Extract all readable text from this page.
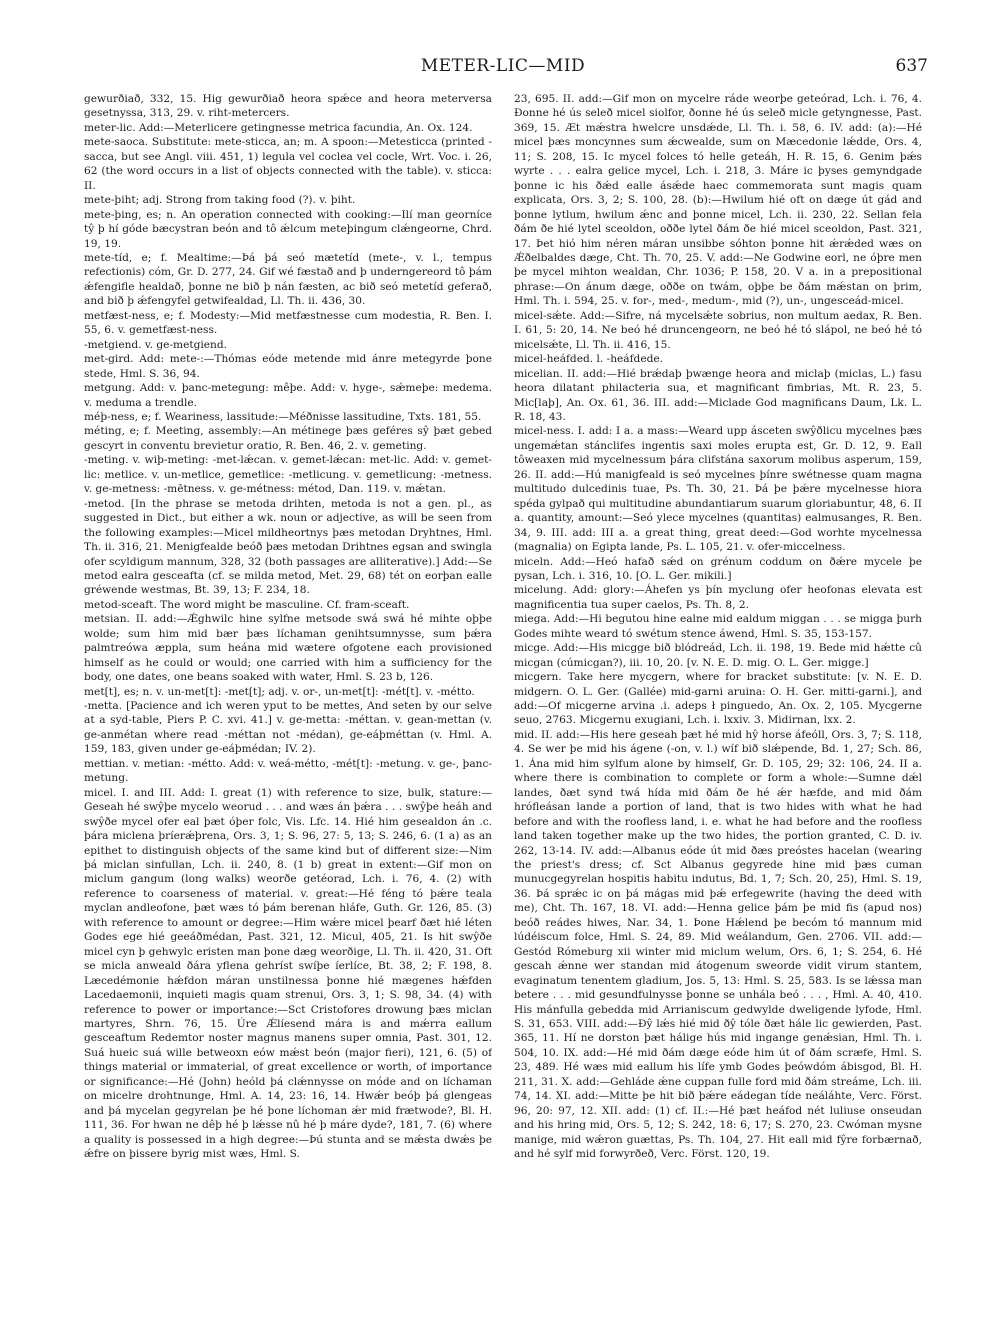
METER-LIC—MID	637

gewurðiað, 332, 15. Hig gewurðiað heora spǽce and heora meterversa gesetnyssa, 313, 29. v. riht-metercers.

meter-lic. Add:—Meterlicere getingnesse metrica facundia, An. Ox. 124.

mete-saoca. Substitute: mete-sticca, an; m. A spoon:—Metesticca (printed -sacca, but see Angl. viii. 451, 1) legula vel coclea vel cocle, Wrt. Voc. i. 26, 62 (the word occurs in a list of objects connected with the table). v. sticca: II.

mete-þiht; adj. Strong from taking food (?). v. þiht.

mete-þing, es; n. An operation connected with cooking:—Ilí man georníce tŷ þ hí góde bæcystran beón and tô ǽlcum meteþingum clǽngeorne, Chrd. 19, 19.

mete-tíd, e; f. Mealtime:—Þá þá seó mætetíd (mete-, v. l., tempus refectionis) cóm, Gr. D. 277, 24. Gif wé fæstað and þ underngereord tô þám ǽfengifle healdað, þonne ne bið þ nán fæsten, ac bið seó metetíd geferað, and bið þ ǽfengyfel getwifealdad, Ll. Th. ii. 436, 30.

metfæst-ness, e; f. Modesty:—Mid metfæstnesse cum modestia, R. Ben. I. 55, 6. v. gemetfæst-ness.

-metgiend. v. ge-metgiend.

met-gird. Add: mete-:—Thómas eóde metende mid ánre metegyrde þone stede, Hml. S. 36, 94.

metgung. Add: v. þanc-metegung: mêþe. Add: v. hyge-, sǽmeþe: medema. v. meduma a trendle.

méþ-ness, e; f. Weariness, lassitude:—Méðnisse lassitudine, Txts. 181, 55.

méting, e; f. Meeting, assembly:—An métinege þæs geféres sŷ þæt gebed gescyrt in conventu brevietur oratio, R. Ben. 46, 2. v. gemeting.

-meting. v. wiþ-meting: -met-lǽcan. v. gemet-lǽcan: met-lic. Add: v. gemet-lic: metlice. v. un-metlice, gemetlice: -metlicung. v. gemetlicung: -metness. v. ge-metness: -mētness. v. ge-métness: métod, Dan. 119. v. mǽtan.

-metod. [In the phrase se metoda drihten, metoda is not a gen. pl., as suggested in Dict., but either a wk. noun or adjective, as will be seen from the following examples:—Micel mildheortnys þæs metodan Dryhtnes, Hml. Th. ii. 316, 21. Menigfealde beóð þæs metodan Drihtnes egsan and swingla ofer scyldigum mannum, 328, 32 (both passages are alliterative).] Add:—Se metod ealra gesceafta (cf. se milda metod, Met. 29, 68) tét on eorþan ealle gréwende westmas, Bt. 39, 13; F. 234, 18.

metod-sceaft. The word might be masculine. Cf. fram-sceaft.

metsian. II. add:—Ǽghwilc hine sylfne metsode swá swá hé mihte oþþe wolde; sum him mid bær þæs líchaman genihtsumnysse, sum þǽra palmtreówa æppla, sum heána mid wætere ofgotene each provisioned himself as he could or would; one carried with him a sufficiency for the body, one dates, one beans soaked with water, Hml. S. 23 b, 126.

met[t], es; n. v. un-met[t]: -met[t]; adj. v. or-, un-met[t]: -mét[t]. v. -métto.

-metta. [Pacience and ich weren yput to be mettes, And seten by our selve at a syd-table, Piers P. C. xvi. 41.] v. ge-metta: -méttan. v. gean-mettan (v. ge-anmétan where read -méttan not -médan), ge-eáþméttan (v. Hml. A. 159, 183, given under ge-eáþmédan; IV. 2).

mettian. v. metian: -métto. Add: v. weá-métto, -mét[t]: -metung. v. ge-, þanc-metung.

micel. I. and III. Add: I. great (1) with reference to size, bulk, stature:—Geseah hé swŷþe mycelo weorud . . . and wæs án þǽra . . . swŷþe heáh and swŷðe mycel ofer eal þæt óþer folc, Vis. Lfc. 14. Hié him gesealdon án .c. þára miclena þríerǽþrena, Ors. 3, 1; S. 96, 27: 5, 13; S. 246, 6. (1 a) as an epithet to distinguish objects of the same kind but of different size:—Nim þá miclan sinfullan, Lch. ii. 240, 8. (1 b) great in extent:—Gif mon on miclum gangum (long walks) weorðe getéorad, Lch. i. 76, 4. (2) with reference to coarseness of material. v. great:—Hé féng tó þǽre teala myclan andleofone, þæt wæs tó þám berenan hláfe, Guth. Gr. 126, 85. (3) with reference to amount or degree:—Him wǽre micel þearf ðæt hié léten Godes ege hié geeáðmédan, Past. 321, 12. Micul, 405, 21. Is hit swŷðe micel cyn þ gehwylc eristen man þone dæg weorðige, Ll. Th. ii. 420, 31. Oft se micla anweald ðára yflena gehríst swíþe íerlíce, Bt. 38, 2; F. 198, 8. Læcedémonie hǽfdon máran unstilnessa þonne hié mægenes hǽfden Lacedaemonii, inquieti magis quam strenui, Ors. 3, 1; S. 98, 34. (4) with reference to power or importance:—Sct Cristofores drowung þæs miclan martyres, Shrn. 76, 15. Úre Ǽlíesend mára is and mǽrra eallum gesceaftum Redemtor noster magnus manens super omnia, Past. 301, 12. Suá hueic suá wille betweoxn eów mǽst beón (major fieri), 121, 6. (5) of things material or immaterial, of great excellence or worth, of importance or significance:—Hé (John) heóld þá clǽnnysse on móde and on líchaman on micelre drohtnunge, Hml. A. 14, 23: 16, 14. Hwǽr beóþ þá glengeas and þá mycelan gegyrelan þe hé þone líchoman ǽr mid frætwode?, Bl. H. 111, 36. For hwan ne dêþ hé þ lǽsse nû hé þ máre dyde?, 181, 7. (6) where a quality is possessed in a high degree:—Þú stunta and se mǽsta dwǽs þe ǽfre on þissere byrig mist wæs, Hml. S.

23, 695. II. add:—Gif mon on mycelre ráde weorþe geteórad, Lch. i. 76, 4. Ðonne hé ús seleð micel siolfor, ðonne hé ús seleð micle getyngnesse, Past. 369, 15. Æt mǽstra hwelcre unsdǽde, Ll. Th. i. 58, 6. IV. add: (a):—Hé micel þæs moncynnes sum ǽcwealde, sum on Mæcedonie lǽdde, Ors. 4, 11; S. 208, 15. Ic mycel folces tó helle geteáh, H. R. 15, 6. Genim þǽs wyrte . . . ealra gelice mycel, Lch. i. 218, 3. Máre ic þyses gemyndgade þonne ic his ðǽd ealle ásǽde haec commemorata sunt magis quam explicata, Ors. 3, 2; S. 100, 28. (b):—Hwilum hié oft on dæge út gád and þonne lytlum, hwilum ǽnc and þonne micel, Lch. ii. 230, 22. Sellan fela ðám ðe hié lytel sceoldon, oððe lytel ðám ðe hié micel sceoldon, Past. 321, 17. Þet hió him néren máran unsibbe sóhton þonne hit ǽrǽded wæs on Ǽðelbaldes dæge, Cht. Th. 70, 25. V. add:—Ne Godwine eorl, ne óþre men þe mycel mihton wealdan, Chr. 1036; P. 158, 20. V a. in a prepositional phrase:—On ánum dæge, oððe on twám, oþþe be ðám mǽstan on þrim, Hml. Th. i. 594, 25. v. for-, med-, medum-, mid (?), un-, ungesceád-micel.

micel-sǽte. Add:—Sifre, ná mycelsǽte sobrius, non multum aedax, R. Ben. I. 61, 5: 20, 14. Ne beó hé druncengeorn, ne beó hé tó slápol, ne beó hé tó micelsǽte, Ll. Th. ii. 416, 15.

micel-heáfded. l. -heáfdede.

micelian. II. add:—Hié brǽdaþ þwænge heora and miclaþ (miclas, L.) fasu heora dilatant philacteria sua, et magnificant fimbrias, Mt. R. 23, 5. Mic[laþ], An. Ox. 61, 36. III. add:—Miclade God magnificans Daum, Lk. L. R. 18, 43.

micel-ness. I. add: I a. a mass:—Weard upp ásceten swŷðlicu mycelnes þæs ungemǽtan stánclifes ingentis saxi moles erupta est, Gr. D. 12, 9. Eall tôweaxen mid mycelnessum þára clifstána saxorum molibus asperum, 159, 26. II. add:—Hú manigfeald is seó mycelnes þínre swétnesse quam magna multitudo dulcedinis tuae, Ps. Th. 30, 21. Þá þe þǽre mycelnesse hiora spéda gylpað qui multitudine abundantiarum suarum gloriabuntur, 48, 6. II a. quantity, amount:—Seó ylece mycelnes (quantitas) ealmusanges, R. Ben. 34, 9. III. add: III a. a great thing, great deed:—God worhte mycelnessa (magnalia) on Egipta lande, Ps. L. 105, 21. v. ofer-miccelness.

miceln. Add:—Heó hafað sǽd on grénum coddum on ðǽre mycele þe pysan, Lch. i. 316, 10. [O. L. Ger. mikili.]

micelung. Add: glory:—Áhefen ys þín myclung ofer heofonas elevata est magnificentia tua super caelos, Ps. Th. 8, 2.

miega. Add:—Hi begutou hine ealne mid ealdum miggan . . . se migga þurh Godes mihte weard tó swétum stence áwend, Hml. S. 35, 153-157.

micge. Add:—His micgge bið blódreád, Lch. ii. 198, 19. Bede mid hǽtte cû micgan (cúmicgan?), iii. 10, 20. [v. N. E. D. mig. O. L. Ger. migge.]

micgern. Take here mycgern, where for bracket substitute: [v. N. E. D. midgern. O. L. Ger. (Gallée) mid-garni aruina: O. H. Ger. mitti-garni.], and add:—Of micgerne arvina .i. adeps ł pinguedo, An. Ox. 2, 105. Mycgerne seuo, 2763. Micgernu exugiani, Lch. i. lxxiv. 3. Midirnan, lxx. 2.

mid. II. add:—His here geseah þæt hé mid hŷ horse áfeóll, Ors. 3, 7; S. 118, 4. Se wer þe mid his ágene (-on, v. l.) wíf bið slǽpende, Bd. 1, 27; Sch. 86, 1. Ána mid him sylfum alone by himself, Gr. D. 105, 29; 32: 106, 24. II a. where there is combination to complete or form a whole:—Sumne dǽl landes, ðæt synd twá hída mid ðám ðe hé ǽr hæfde, and mid ðám hrófleásan lande a portion of land, that is two hides with what he had before and with the roofless land, i. e. what he had before and the roofless land taken together make up the two hides, the portion granted, C. D. iv. 262, 13-14. IV. add:—Albanus eóde út mid ðæs preóstes hacelan (wearing the priest's dress; cf. Sct Albanus gegyrede hine mid þæs cuman munucgegyrelan hospitis habitu indutus, Bd. 1, 7; Sch. 20, 25), Hml. S. 19, 36. Þá sprǽc ic on þá mágas mid þǽ erfegewrite (having the deed with me), Cht. Th. 167, 18. VI. add:—Henna gelice þám þe mid fis (apud nos) beóð reádes hiwes, Nar. 34, 1. Þone Hǽlend þe becóm tó mannum mid lúdéiscum folce, Hml. S. 24, 89. Mid weálandum, Gen. 2706. VII. add:—Gestód Rómeburg xii winter mid miclum welum, Ors. 6, 1; S. 254, 6. Hé gescah ǽnne wer standan mid átogenum sweorde vidit virum stantem, evaginatum tenentem gladium, Jos. 5, 13: Hml. S. 25, 583. Is se lǽssa man betere . . . mid gesundfulnysse þonne se unhála beó . . . , Hml. A. 40, 410. His mánfulla gebedda mid Arrianiscum gedwylde dweligende lyfode, Hml. S. 31, 653. VIII. add:—Ðŷ lǽs hié mid ðŷ tóle ðæt hále lic gewierden, Past. 365, 11. Hí ne dorston þæt hálige hús mid ingange genǽsian, Hml. Th. i. 504, 10. IX. add:—Hé mid ðám dæge eóde him út of ðám scræfe, Hml. S. 23, 489. Hé wæs mid eallum his lífe ymb Godes þeówdóm ábisgod, Bl. H. 211, 31. X. add:—Gehláde ǽne cuppan fulle ford mid ðám streáme, Lch. iii. 74, 14. XI. add:—Mitte þe hit bið þǽre eádegan tíde neáláhte, Verc. Först. 96, 20: 97, 12. XII. add: (1) cf. II.:—Hé þæt heáfod nét luliuse onseudan and his hring mid, Ors. 5, 12; S. 242, 18: 6, 17; S. 270, 23. Cwóman mysne manige, mid wǽron guættas, Ps. Th. 104, 27. Hit eall mid fŷre forbærnað, and hé sylf mid forwyrðeð, Verc. Först. 120, 19.
